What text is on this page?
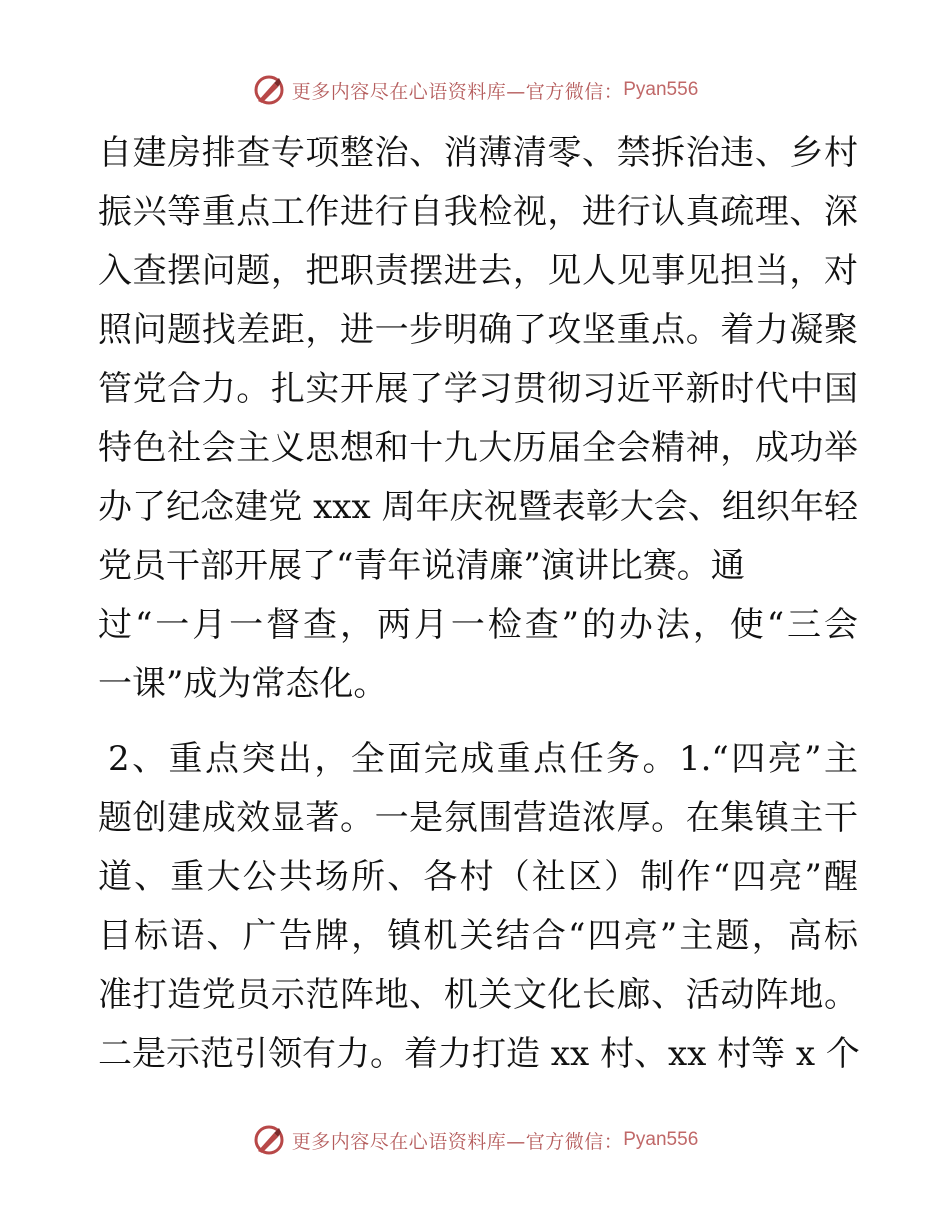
更多内容尽在心语资料库—官方微信： Pyan556
自建房排查专项整治、消薄清零、禁拆治违、乡村
振兴等重点工作进行自我检视，进行认真疏理、深
入查摆问题，把职责摆进去，见人见事见担当，对
照问题找差距，进一步明确了攻坚重点。着力凝聚
管党合力。扎实开展了学习贯彻习近平新时代中国
特色社会主义思想和十九大历届全会精神，成功举
办了纪念建党 xxx 周年庆祝暨表彰大会、组织年轻
党员干部开展了“青年说清廉”演讲比赛。通
过“一月一督查，两月一检查”的办法，使“三会
一课”成为常态化。
2、重点突出，全面完成重点任务。1.“四亮”主
题创建成效显著。一是氛围营造浓厚。在集镇主干
道、重大公共场所、各村（社区）制作“四亮”醒
目标语、广告牌，镇机关结合“四亮”主题，高标
准打造党员示范阵地、机关文化长廊、活动阵地。
二是示范引领有力。着力打造 xx 村、xx 村等 x 个
更多内容尽在心语资料库—官方微信： Pyan556
